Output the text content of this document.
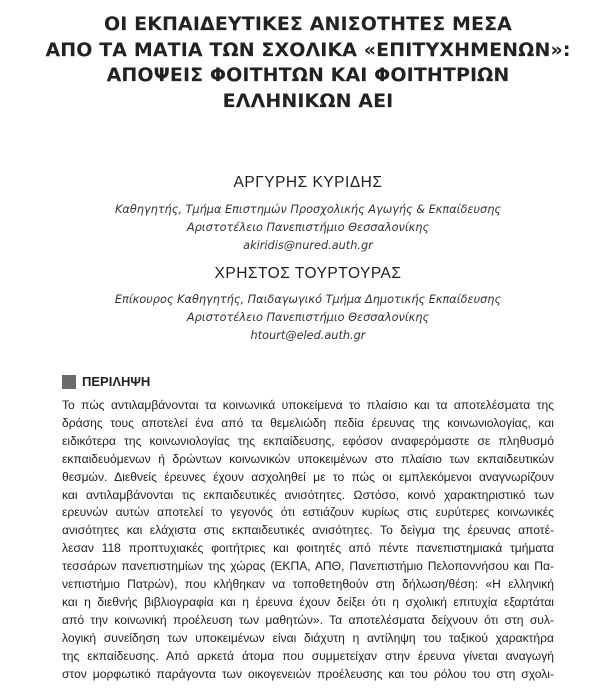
ΟΙ ΕΚΠΑΙΔΕΥΤΙΚΕΣ ΑΝΙΣΟΤΗΤΕΣ ΜΕΣΑ
ΑΠΟ ΤΑ ΜΑΤΙΑ ΤΩΝ ΣΧΟΛΙΚΑ «ΕΠΙΤΥΧΗΜΕΝΩΝ»:
ΑΠΟΨΕΙΣ ΦΟΙΤΗΤΩΝ ΚΑΙ ΦΟΙΤΗΤΡΙΩΝ
ΕΛΛΗΝΙΚΩΝ ΑΕΙ
ΑΡΓΥΡΗΣ ΚΥΡΙΔΗΣ
Καθηγητής, Τμήμα Επιστημών Προσχολικής Αγωγής & Εκπαίδευσης
Αριστοτέλειο Πανεπιστήμιο Θεσσαλονίκης
akiridis@nured.auth.gr
ΧΡΗΣΤΟΣ ΤΟΥΡΤΟΥΡΑΣ
Επίκουρος Καθηγητής, Παιδαγωγικό Τμήμα Δημοτικής Εκπαίδευσης
Αριστοτέλειο Πανεπιστήμιο Θεσσαλονίκης
htourt@eled.auth.gr
ΠΕΡΙΛΗΨΗ
Το πώς αντιλαμβάνονται τα κοινωνικά υποκείμενα το πλαίσιο και τα αποτελέσματα της
δράσης τους αποτελεί ένα από τα θεμελιώδη πεδία έρευνας της κοινωνιολογίας, και
ειδικότερα της κοινωνιολογίας της εκπαίδευσης, εφόσον αναφερόμαστε σε πληθυσμό
εκπαιδευόμενων ή δρώντων κοινωνικών υποκειμένων στο πλαίσιο των εκπαιδευτικών
θεσμών. Διεθνείς έρευνες έχουν ασχοληθεί με το πώς οι εμπλεκόμενοι αναγνωρίζουν
και αντιλαμβάνονται τις εκπαιδευτικές ανισότητες. Ωστόσο, κοινό χαρακτηριστικό των
ερευνών αυτών αποτελεί το γεγονός ότι εστιάζουν κυρίως στις ευρύτερες κοινωνικές
ανισότητες και ελάχιστα στις εκπαιδευτικές ανισότητες. Το δείγμα της έρευνας αποτέ-
λεσαν 118 προπτυχιακές φοιτήτριες και φοιτητές από πέντε πανεπιστημιακά τμήματα
τεσσάρων πανεπιστημίων της χώρας (ΕΚΠΑ, ΑΠΘ, Πανεπιστήμιο Πελοποννήσου και Πα-
νεπιστήμιο Πατρών), που κλήθηκαν να τοποθετηθούν στη δήλωση/θέση: «Η ελληνική
και η διεθνής βιβλιογραφία και η έρευνα έχουν δείξει ότι η σχολική επιτυχία εξαρτάται
από την κοινωνική προέλευση των μαθητών». Τα αποτελέσματα δείχνουν ότι στη συλ-
λογική συνείδηση των υποκειμένων είναι διάχυτη η αντίληψη του ταξικού χαρακτήρα
της εκπαίδευσης. Από αρκετά άτομα που συμμετείχαν στην έρευνα γίνεται αναγωγή
στον μορφωτικό παράγοντα των οικογενειών προέλευσης και του ρόλου του στη σχολι-
